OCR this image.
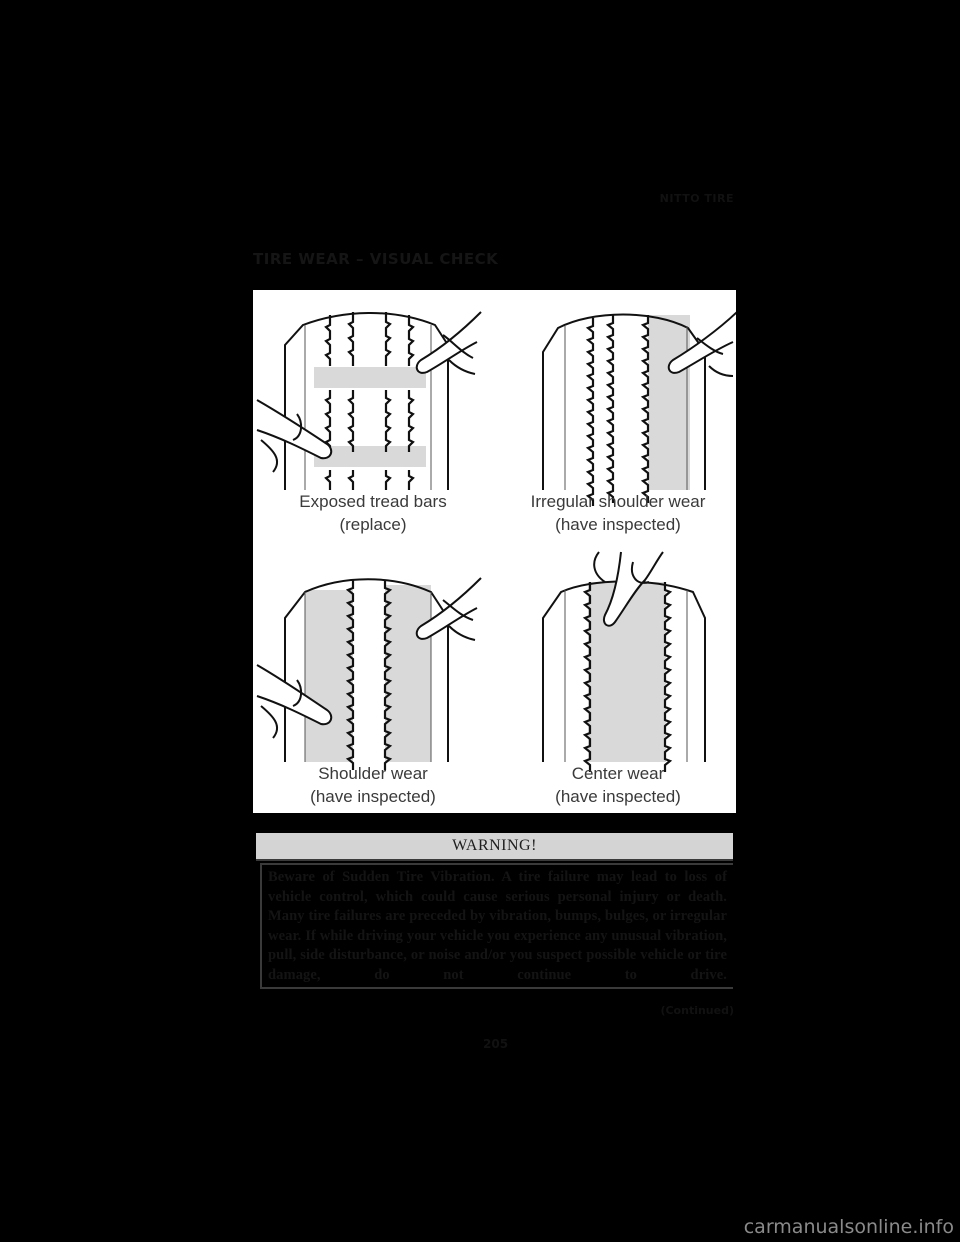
NITTO TIRE
TIRE WEAR – VISUAL CHECK
Exposed tread bars
(replace)
Irregular shoulder wear
(have inspected)
Shoulder wear
(have inspected)
Center wear
(have inspected)
WARNING!
Beware of Sudden Tire Vibration. A tire failure may lead to loss of vehicle control, which could cause serious personal injury or death. Many tire failures are preceded by vibration, bumps, bulges, or irregular wear. If while driving your vehicle you experience any unusual vibration, pull, side disturbance, or noise and/or you suspect possible vehicle or tire damage, do not continue to drive.
(Continued)
205
carmanualsonline.info
